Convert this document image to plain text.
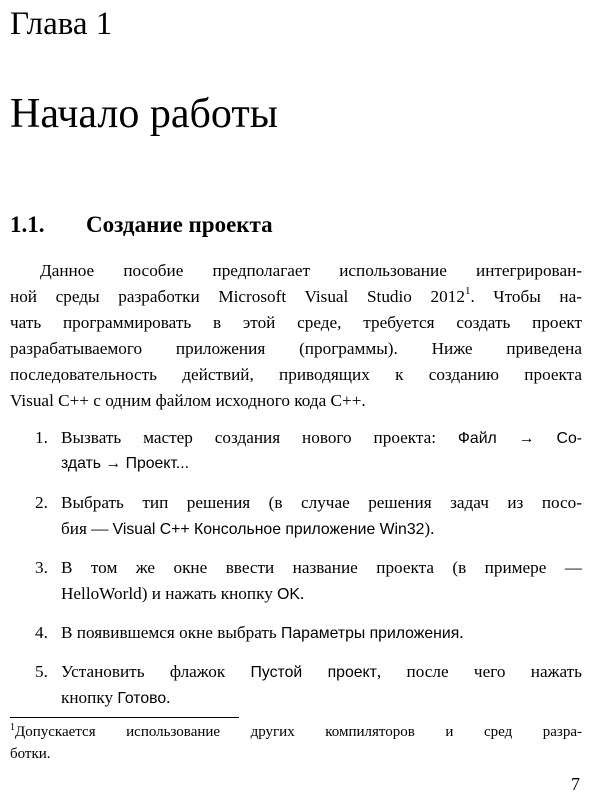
Глава 1
Начало работы
1.1. Создание проекта
Данное пособие предполагает использование интегрирован-
ной среды разработки Microsoft Visual Studio 2012$^1$. Чтобы на-
чать программировать в этой среде, требуется создать проект
разрабатываемого приложения (программы). Ниже приведена
последовательность действий, приводящих к созданию проекта
Visual C++ с одним файлом исходного кода C++.
1. Вызвать мастер создания нового проекта: Файл → Со-
здать → Проект...
2. Выбрать тип решения (в случае решения задач из посо-
бия — Visual C++ Консольное приложение Win32).
3. В том же окне ввести название проекта (в примере —
HelloWorld) и нажать кнопку OK.
4. В появившемся окне выбрать Параметры приложения.
5. Установить флажок Пустой проект, после чего нажать
кнопку Готово.
$^1$Допускается использование других компиляторов и сред разра-
ботки.
7
